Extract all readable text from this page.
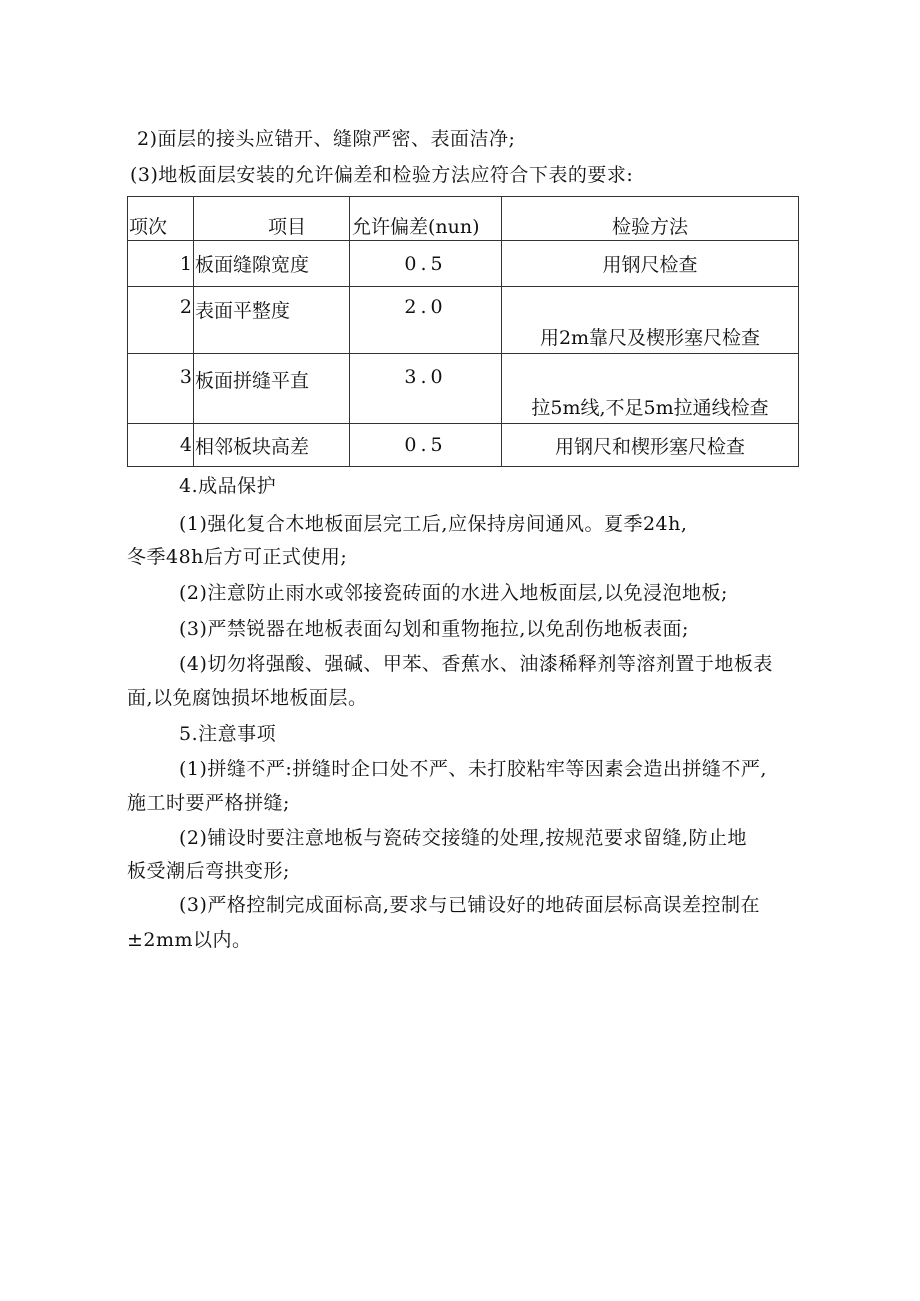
2)面层的接头应错开、缝隙严密、表面洁净;
(3)地板面层安装的允许偏差和检验方法应符合下表的要求:
项次	项目	允许偏差(nun)	检验方法
1	板面缝隙宽度	0.5	用钢尺检查
2	表面平整度	2.0	用2m靠尺及楔形塞尺检查
3	板面拼缝平直	3.0	拉5m线,不足5m拉通线检查
4	相邻板块高差	0.5	用钢尺和楔形塞尺检查
4.成品保护
(1)强化复合木地板面层完工后,应保持房间通风。夏季24h,
冬季48h后方可正式使用;
(2)注意防止雨水或邻接瓷砖面的水进入地板面层,以免浸泡地板;
(3)严禁锐器在地板表面勾划和重物拖拉,以免刮伤地板表面;
(4)切勿将强酸、强碱、甲苯、香蕉水、油漆稀释剂等溶剂置于地板表
面,以免腐蚀损坏地板面层。
5.注意事项
(1)拼缝不严:拼缝时企口处不严、未打胶粘牢等因素会造出拼缝不严,
施工时要严格拼缝;
(2)铺设时要注意地板与瓷砖交接缝的处理,按规范要求留缝,防止地
板受潮后弯拱变形;
(3)严格控制完成面标高,要求与已铺设好的地砖面层标高误差控制在
±2mm以内。
